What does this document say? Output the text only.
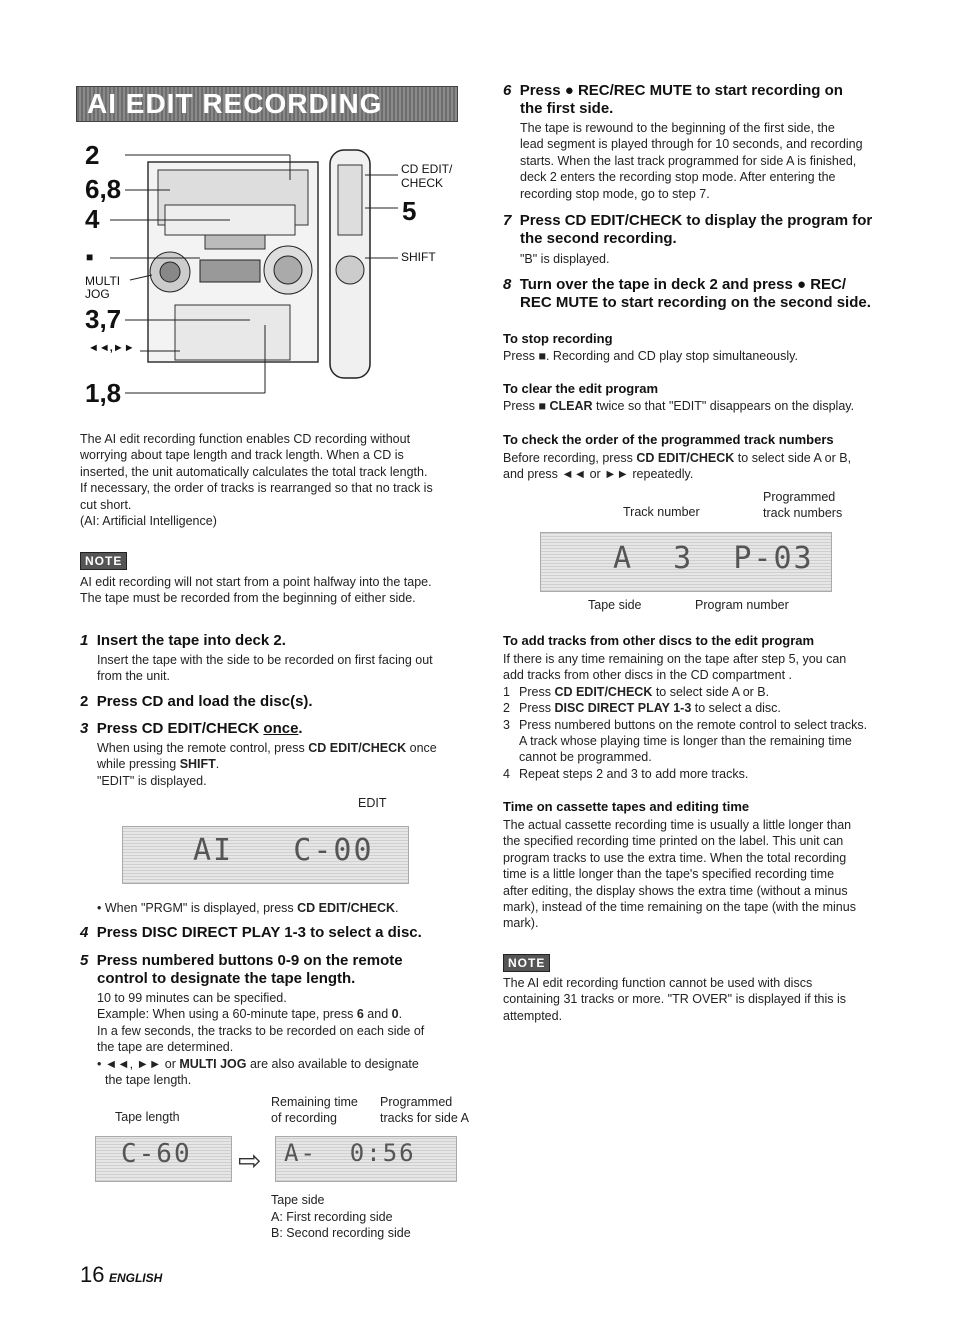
AI EDIT RECORDING
2
6,8
4
■
MULTI
JOG
3,7
◄◄,►►
1,8
CD EDIT/
CHECK
5
SHIFT
The AI edit recording function enables CD recording without
worrying about tape length and track length. When a CD is
inserted, the unit automatically calculates the total track length.
If necessary, the order of tracks is rearranged so that no track is
cut short.
(AI: Artificial Intelligence)
NOTE
AI edit recording will not start from a point halfway into the tape.
The tape must be recorded from the beginning of either side.
1 Insert the tape into deck 2.
Insert the tape with the side to be recorded on first facing out
from the unit.
2 Press CD and load the disc(s).
3 Press CD EDIT/CHECK once.
When using the remote control, press CD EDIT/CHECK once
while pressing SHIFT.
"EDIT" is displayed.
EDIT
AI   C-00
• When "PRGM" is displayed, press CD EDIT/CHECK.
4 Press DISC DIRECT PLAY 1-3 to select a disc.
5 Press numbered buttons 0-9 on the remote
control to designate the tape length.
10 to 99 minutes can be specified.
Example: When using a 60-minute tape, press 6 and 0.
In a few seconds, the tracks to be recorded on each side of
the tape are determined.
• ◄◄, ►► or MULTI JOG are also available to designate
the tape length.
Remaining time
of recording
Programmed
tracks for side A
Tape length
C-60 ⇨ A-  0:56
Tape side
A: First recording side
B: Second recording side
6 Press ● REC/REC MUTE to start recording on
the first side.
The tape is rewound to the beginning of the first side, the
lead segment is played through for 10 seconds, and recording
starts. When the last track programmed for side A is finished,
deck 2 enters the recording stop mode. After entering the
recording stop mode, go to step 7.
7 Press CD EDIT/CHECK to display the program for
the second recording.
"B" is displayed.
8 Turn over the tape in deck 2 and press ● REC/
REC MUTE to start recording on the second side.
To stop recording
Press ■. Recording and CD play stop simultaneously.
To clear the edit program
Press ■ CLEAR twice so that "EDIT" disappears on the display.
To check the order of the programmed track numbers
Before recording, press CD EDIT/CHECK to select side A or B,
and press ◄◄ or ►► repeatedly.
Track number
Programmed
track numbers
A  3  P-03
Tape side	Program number
To add tracks from other discs to the edit program
If there is any time remaining on the tape after step 5, you can
add tracks from other discs in the CD compartment .
1 Press CD EDIT/CHECK to select side A or B.
2 Press DISC DIRECT PLAY 1-3 to select a disc.
3 Press numbered buttons on the remote control to select tracks.
A track whose playing time is longer than the remaining time
cannot be programmed.
4 Repeat steps 2 and 3 to add more tracks.
Time on cassette tapes and editing time
The actual cassette recording time is usually a little longer than
the specified recording time printed on the label. This unit can
program tracks to use the extra time. When the total recording
time is a little longer than the tape's specified recording time
after editing, the display shows the extra time (without a minus
mark), instead of the time remaining on the tape (with the minus
mark).
NOTE
The AI edit recording function cannot be used with discs
containing 31 tracks or more. "TR OVER" is displayed if this is
attempted.
16 ENGLISH
